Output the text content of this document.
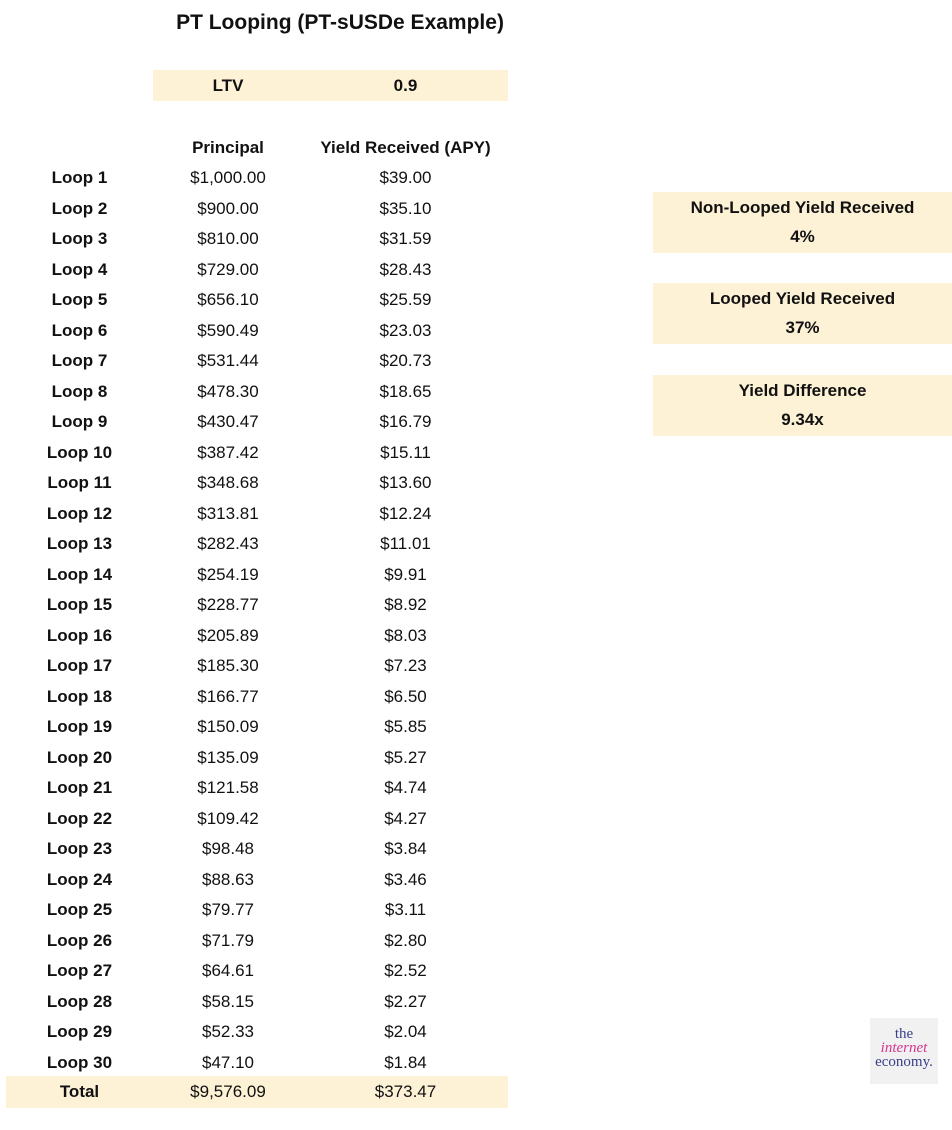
PT Looping (PT-sUSDe Example)
LTV	0.9
Principal	Yield Received (APY)
Loop 1	$1,000.00	$39.00
Loop 2	$900.00	$35.10
Loop 3	$810.00	$31.59
Loop 4	$729.00	$28.43
Loop 5	$656.10	$25.59
Loop 6	$590.49	$23.03
Loop 7	$531.44	$20.73
Loop 8	$478.30	$18.65
Loop 9	$430.47	$16.79
Loop 10	$387.42	$15.11
Loop 11	$348.68	$13.60
Loop 12	$313.81	$12.24
Loop 13	$282.43	$11.01
Loop 14	$254.19	$9.91
Loop 15	$228.77	$8.92
Loop 16	$205.89	$8.03
Loop 17	$185.30	$7.23
Loop 18	$166.77	$6.50
Loop 19	$150.09	$5.85
Loop 20	$135.09	$5.27
Loop 21	$121.58	$4.74
Loop 22	$109.42	$4.27
Loop 23	$98.48	$3.84
Loop 24	$88.63	$3.46
Loop 25	$79.77	$3.11
Loop 26	$71.79	$2.80
Loop 27	$64.61	$2.52
Loop 28	$58.15	$2.27
Loop 29	$52.33	$2.04
Loop 30	$47.10	$1.84
Total	$9,576.09	$373.47
Non-Looped Yield Received
4%
Looped Yield Received
37%
Yield Difference
9.34x
the
internet
economy.
